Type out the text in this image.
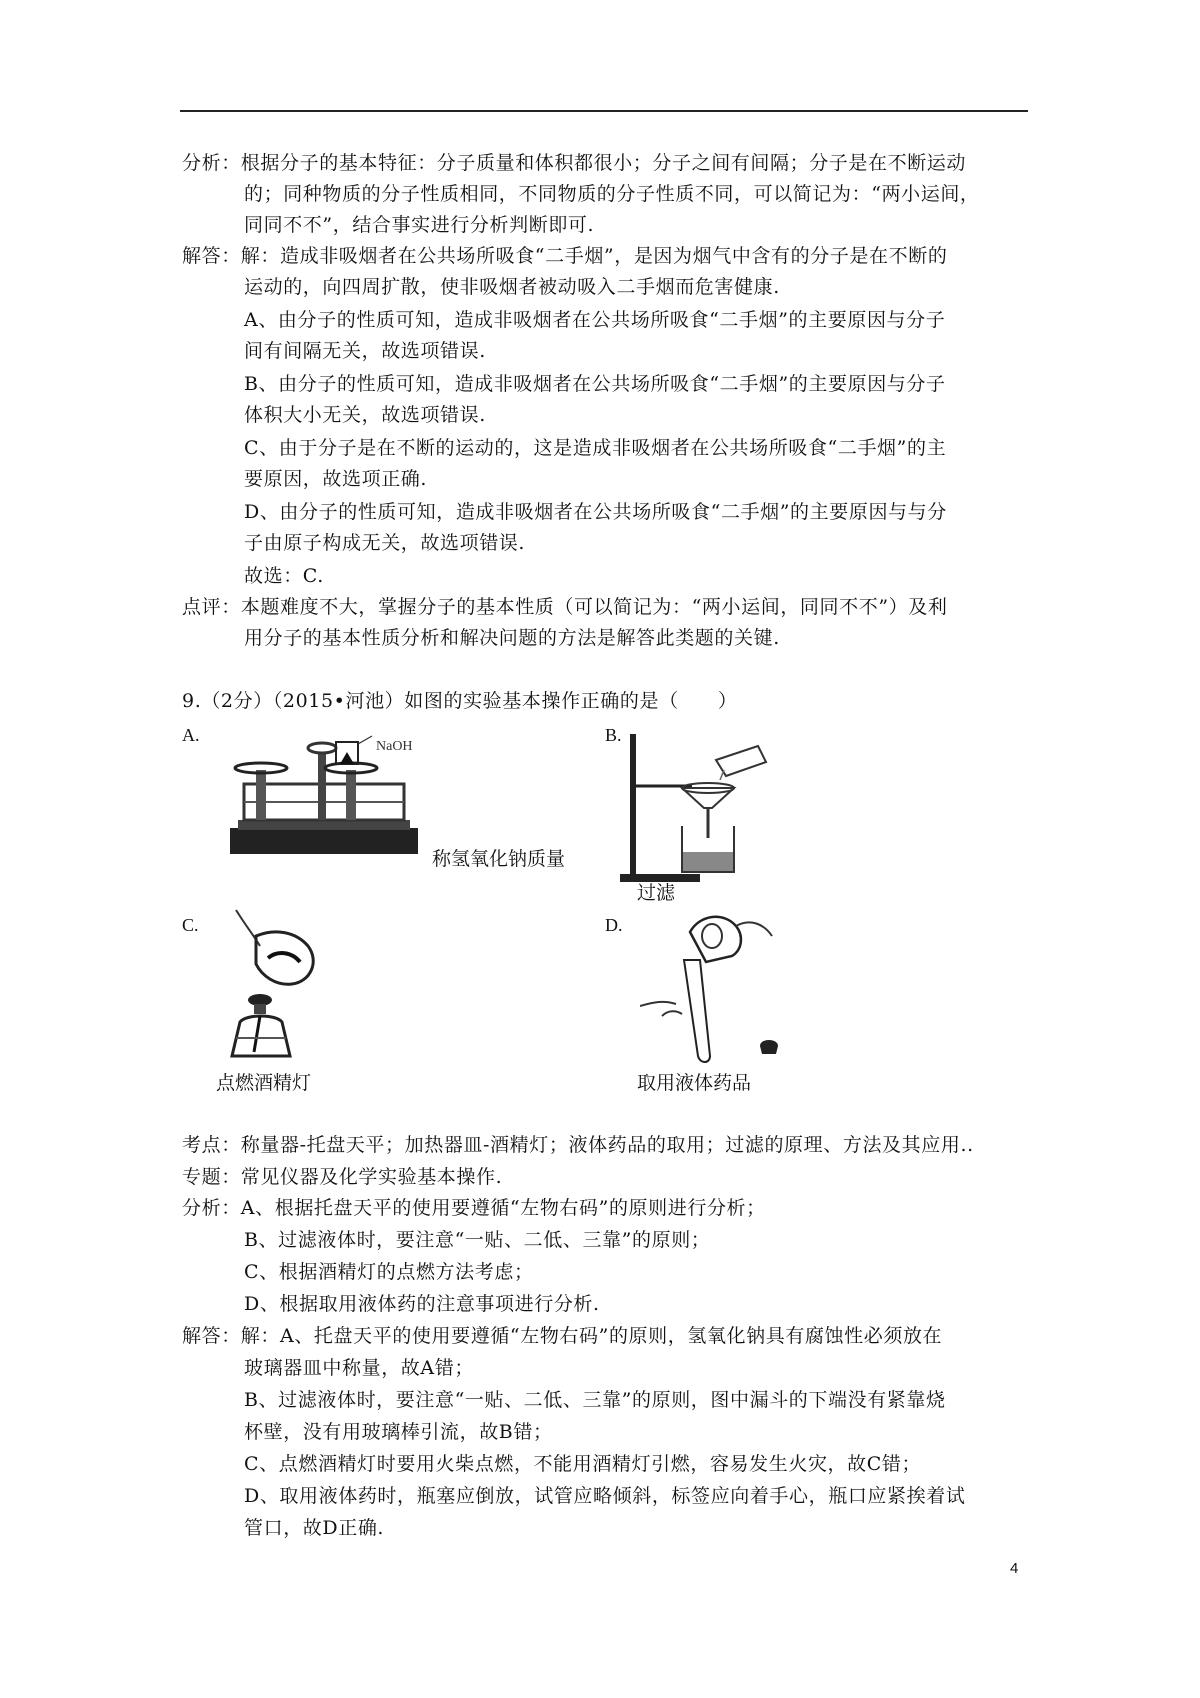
分析：根据分子的基本特征：分子质量和体积都很小；分子之间有间隔；分子是在不断运动
的；同种物质的分子性质相同，不同物质的分子性质不同，可以简记为：“两小运间，
同同不不”，结合事实进行分析判断即可.
解答：解：造成非吸烟者在公共场所吸食“二手烟”，是因为烟气中含有的分子是在不断的
运动的，向四周扩散，使非吸烟者被动吸入二手烟而危害健康.
A、由分子的性质可知，造成非吸烟者在公共场所吸食“二手烟”的主要原因与分子
间有间隔无关，故选项错误.
B、由分子的性质可知，造成非吸烟者在公共场所吸食“二手烟”的主要原因与分子
体积大小无关，故选项错误.
C、由于分子是在不断的运动的，这是造成非吸烟者在公共场所吸食“二手烟”的主
要原因，故选项正确.
D、由分子的性质可知，造成非吸烟者在公共场所吸食“二手烟”的主要原因与与分
子由原子构成无关，故选项错误.
故选：C.
点评：本题难度不大，掌握分子的基本性质（可以简记为：“两小运间，同同不不”）及利
用分子的基本性质分析和解决问题的方法是解答此类题的关键.
9.（2分）（2015•河池）如图的实验基本操作正确的是（　　）
A.
NaOH
称氢氧化钠质量
B.
过滤
C.
点燃酒精灯
D.
取用液体药品
考点：称量器-托盘天平；加热器皿-酒精灯；液体药品的取用；过滤的原理、方法及其应用..
专题：常见仪器及化学实验基本操作.
分析：A、根据托盘天平的使用要遵循“左物右码”的原则进行分析；
B、过滤液体时，要注意“一贴、二低、三靠”的原则；
C、根据酒精灯的点燃方法考虑；
D、根据取用液体药的注意事项进行分析.
解答：解：A、托盘天平的使用要遵循“左物右码”的原则，氢氧化钠具有腐蚀性必须放在
玻璃器皿中称量，故A错；
B、过滤液体时，要注意“一贴、二低、三靠”的原则，图中漏斗的下端没有紧靠烧
杯壁，没有用玻璃棒引流，故B错；
C、点燃酒精灯时要用火柴点燃，不能用酒精灯引燃，容易发生火灾，故C错；
D、取用液体药时，瓶塞应倒放，试管应略倾斜，标签应向着手心，瓶口应紧挨着试
管口，故D正确.
4
